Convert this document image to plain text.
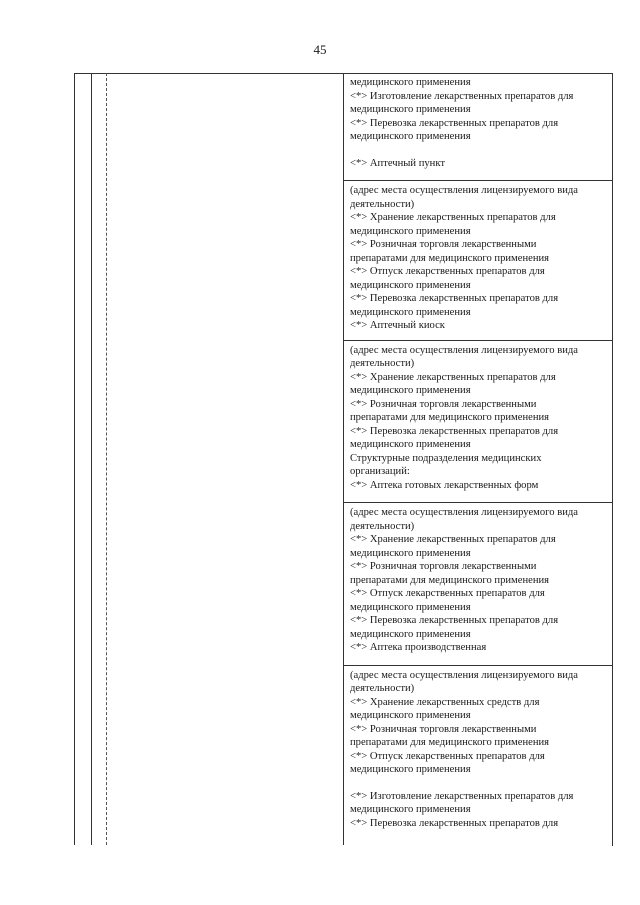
45

медицинского применения

<*> Изготовление лекарственных препаратов для

медицинского применения

<*> Перевозка лекарственных препаратов для

медицинского применения

<*> Аптечный пункт

(адрес места осуществления лицензируемого вида

деятельности)

<*> Хранение лекарственных препаратов для

медицинского применения

<*> Розничная торговля лекарственными

препаратами для медицинского применения

<*> Отпуск лекарственных препаратов для

медицинского применения

<*> Перевозка лекарственных препаратов для

медицинского применения

<*> Аптечный киоск

(адрес места осуществления лицензируемого вида

деятельности)

<*> Хранение лекарственных препаратов для

медицинского применения

<*> Розничная торговля лекарственными

препаратами для медицинского применения

<*> Перевозка лекарственных препаратов для

медицинского применения

Структурные подразделения медицинских

организаций:

<*> Аптека готовых лекарственных форм

(адрес места осуществления лицензируемого вида

деятельности)

<*> Хранение лекарственных препаратов для

медицинского применения

<*> Розничная торговля лекарственными

препаратами для медицинского применения

<*> Отпуск лекарственных препаратов для

медицинского применения

<*> Перевозка лекарственных препаратов для

медицинского применения

<*> Аптека производственная

(адрес места осуществления лицензируемого вида

деятельности)

<*> Хранение лекарственных средств для

медицинского применения

<*> Розничная торговля лекарственными

препаратами для медицинского применения

<*> Отпуск лекарственных препаратов для

медицинского применения

<*> Изготовление лекарственных препаратов для

медицинского применения

<*> Перевозка лекарственных препаратов для
